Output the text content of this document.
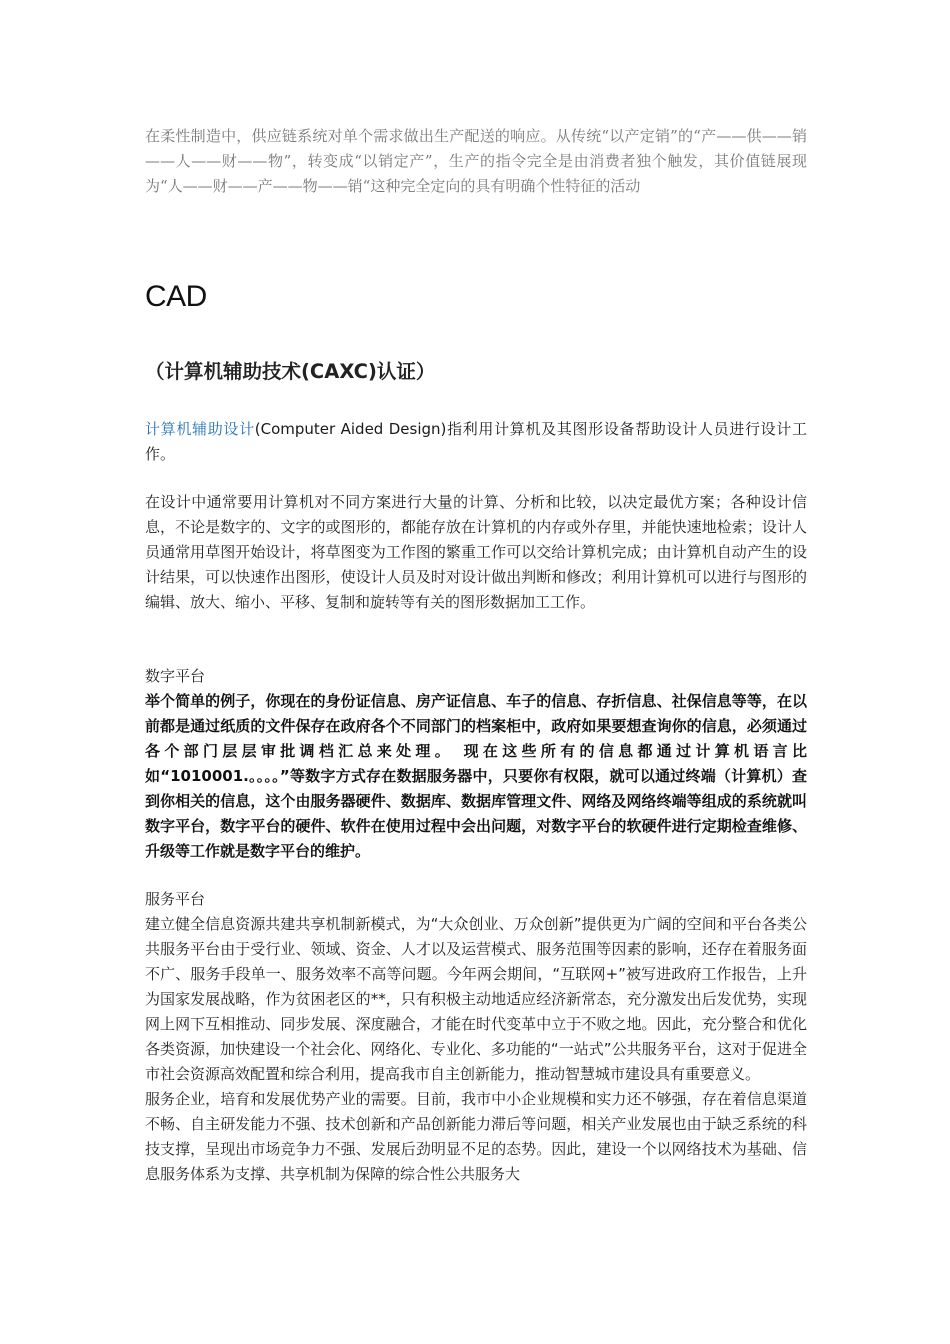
在柔性制造中，供应链系统对单个需求做出生产配送的响应。从传统“以产定销”的“产——供——销——人——财——物”，转变成“以销定产”，生产的指令完全是由消费者独个触发，其价值链展现为“人——财——产——物——销“这种完全定向的具有明确个性特征的活动

CAD
（计算机辅助技术(CAXC)认证）

计算机辅助设计(Computer Aided Design)指利用计算机及其图形设备帮助设计人员进行设计工作。

在设计中通常要用计算机对不同方案进行大量的计算、分析和比较，以决定最优方案；各种设计信息，不论是数字的、文字的或图形的，都能存放在计算机的内存或外存里，并能快速地检索；设计人员通常用草图开始设计，将草图变为工作图的繁重工作可以交给计算机完成；由计算机自动产生的设计结果，可以快速作出图形，使设计人员及时对设计做出判断和修改；利用计算机可以进行与图形的编辑、放大、缩小、平移、复制和旋转等有关的图形数据加工工作。

数字平台

举个简单的例子，你现在的身份证信息、房产证信息、车子的信息、存折信息、社保信息等等，在以前都是通过纸质的文件保存在政府各个不同部门的档案柜中，政府如果要想查询你的信息，必须通过各个部门层层审批调档汇总来处理。 现在这些所有的信息都通过计算机语言比如“1010001.。。。。”等数字方式存在数据服务器中，只要你有权限，就可以通过终端（计算机）查到你相关的信息，这个由服务器硬件、数据库、数据库管理文件、网络及网络终端等组成的系统就叫数字平台，数字平台的硬件、软件在使用过程中会出问题，对数字平台的软硬件进行定期检查维修、升级等工作就是数字平台的维护。

服务平台

建立健全信息资源共建共享机制新模式，为“大众创业、万众创新”提供更为广阔的空间和平台各类公共服务平台由于受行业、领域、资金、人才以及运营模式、服务范围等因素的影响，还存在着服务面不广、服务手段单一、服务效率不高等问题。今年两会期间，“互联网+”被写进政府工作报告，上升为国家发展战略，作为贫困老区的**，只有积极主动地适应经济新常态，充分激发出后发优势，实现网上网下互相推动、同步发展、深度融合，才能在时代变革中立于不败之地。因此，充分整合和优化各类资源，加快建设一个社会化、网络化、专业化、多功能的“一站式”公共服务平台，这对于促进全市社会资源高效配置和综合利用，提高我市自主创新能力，推动智慧城市建设具有重要意义。

服务企业，培育和发展优势产业的需要。目前，我市中小企业规模和实力还不够强，存在着信息渠道不畅、自主研发能力不强、技术创新和产品创新能力滞后等问题，相关产业发展也由于缺乏系统的科技支撑，呈现出市场竞争力不强、发展后劲明显不足的态势。因此，建设一个以网络技术为基础、信息服务体系为支撑、共享机制为保障的综合性公共服务大
